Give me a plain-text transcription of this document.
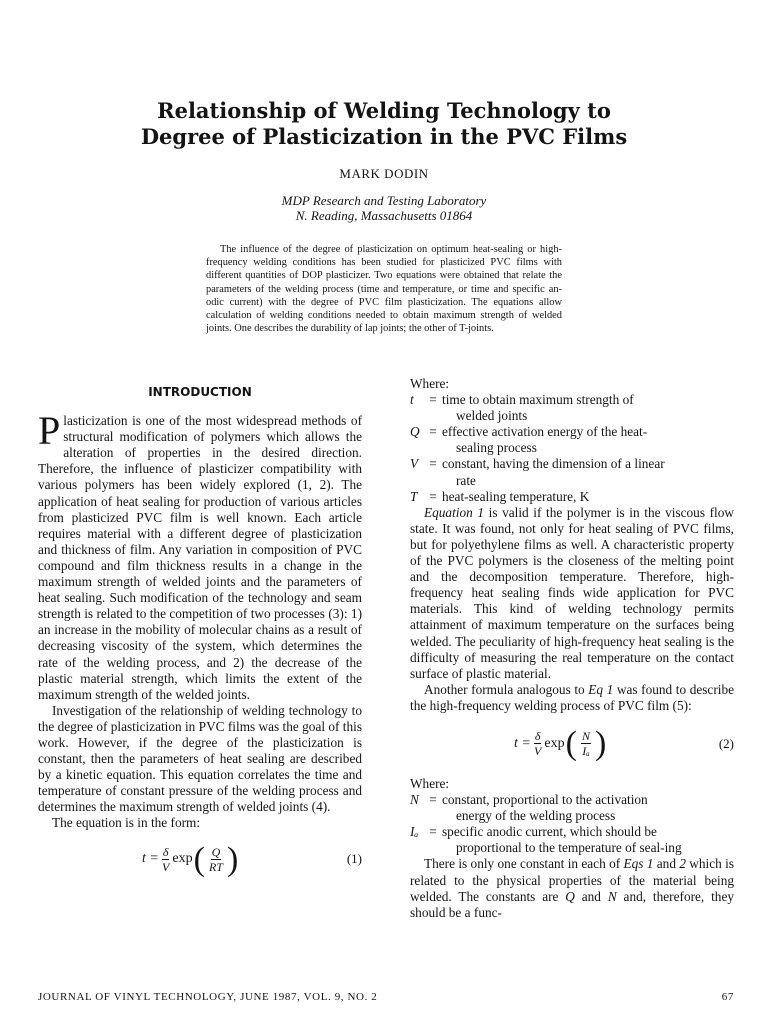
Relationship of Welding Technology to
Degree of Plasticization in the PVC Films
MARK DODIN
MDP Research and Testing Laboratory
N. Reading, Massachusetts 01864

The influence of the degree of plasticization on optimum heat-sealing or high-frequency welding conditions has been studied for plasticized PVC films with different quantities of DOP plasticizer. Two equations were obtained that relate the parameters of the welding process (time and temperature, or time and specific an-odic current) with the degree of PVC film plasticization. The equations allow calculation of welding conditions needed to obtain maximum strength of welded joints. One describes the durability of lap joints; the other of T-joints.

INTRODUCTION
Plasticization is one of the most widespread methods of structural modification of polymers which allows the alteration of properties in the desired direction. Therefore, the influence of plasticizer compatibility with various polymers has been widely explored (1, 2). The application of heat sealing for production of various articles from plasticized PVC film is well known. Each article requires material with a different degree of plasticization and thickness of film. Any variation in composition of PVC compound and film thickness results in a change in the maximum strength of welded joints and the parameters of heat sealing. Such modification of the technology and seam strength is related to the competition of two processes (3): 1) an increase in the mobility of molecular chains as a result of decreasing viscosity of the system, which determines the rate of the welding process, and 2) the decrease of the plastic material strength, which limits the extent of the maximum strength of the welded joints.
Investigation of the relationship of welding technology to the degree of plasticization in PVC films was the goal of this work. However, if the degree of the plasticization is constant, then the parameters of heat sealing are described by a kinetic equation. This equation correlates the time and temperature of constant pressure of the welding process and determines the maximum strength of welded joints (4).
The equation is in the form:
$t = \frac{\delta}{V}$ exp ( $\frac{Q}{RT}$ )	(1)
Where:
t	= time to obtain maximum strength of
welded joints
Q = effective activation energy of the heat-
sealing process
V = constant, having the dimension of a linear
rate
T = heat-sealing temperature, K
Equation 1 is valid if the polymer is in the viscous flow state. It was found, not only for heat sealing of PVC films, but for polyethylene films as well. A characteristic property of the PVC polymers is the closeness of the melting point and the decomposition temperature. Therefore, high-frequency heat sealing finds wide application for PVC materials. This kind of welding technology permits attainment of maximum temperature on the surfaces being welded. The peculiarity of high-frequency heat sealing is the difficulty of measuring the real temperature on the contact surface of plastic material.
Another formula analogous to Eq 1 was found to describe the high-frequency welding process of PVC film (5):
$t = \frac{\delta}{V}$ exp ( $\frac{N}{\text{Iₐ}}$ )	(2)
Where:
N = constant, proportional to the activation
energy of the welding process
Iₐ = specific anodic current, which should be
proportional to the temperature of seal-ing
There is only one constant in each of Eqs 1 and 2 which is related to the physical properties of the material being welded. The constants are Q and N and, therefore, they should be a func-
JOURNAL OF VINYL TECHNOLOGY, JUNE 1987, VOL. 9, NO. 2	67
